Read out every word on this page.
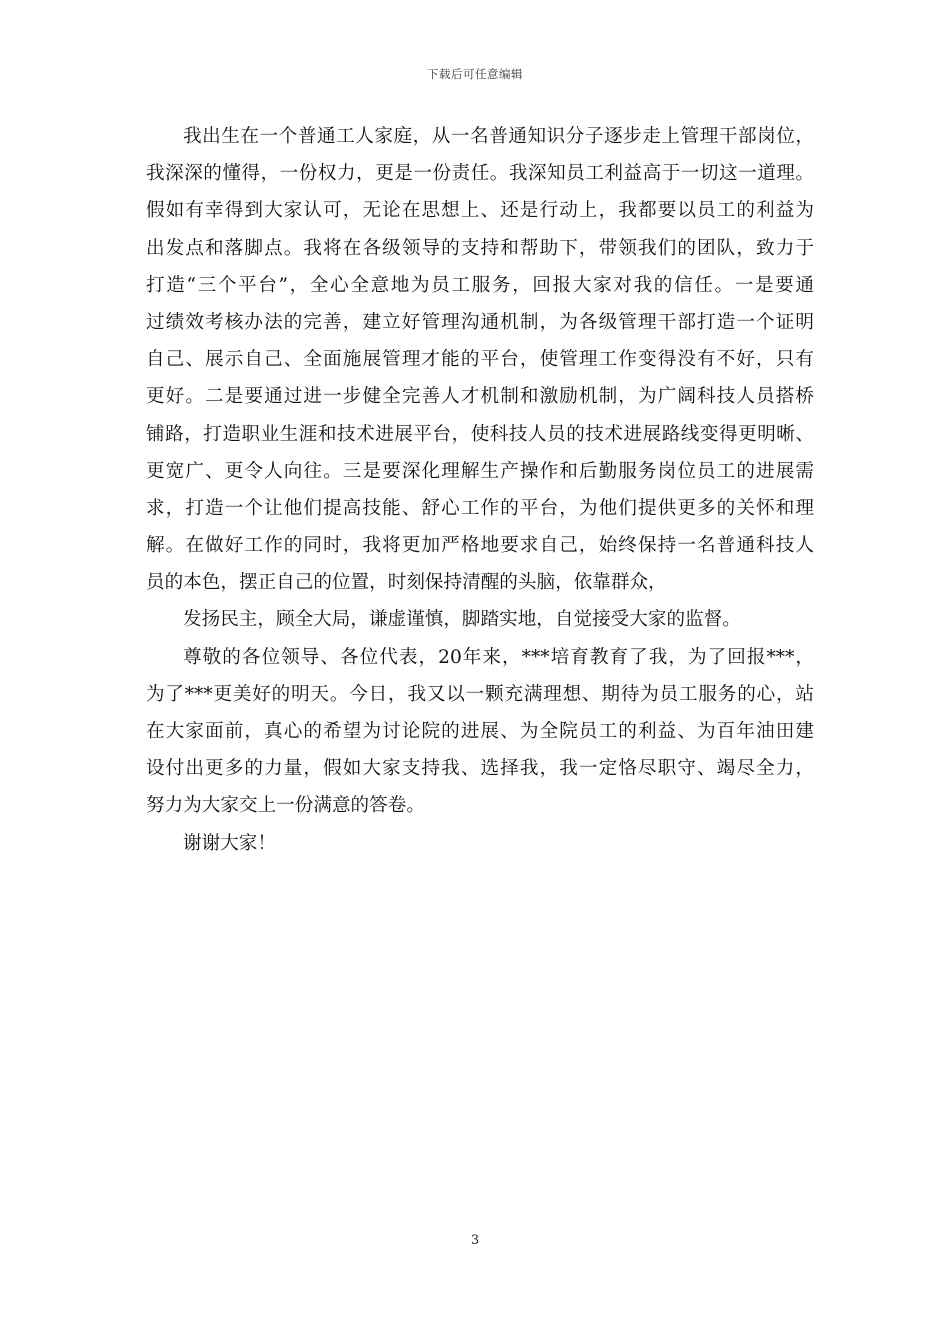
下载后可任意编辑
我出生在一个普通工人家庭，从一名普通知识分子逐步走上管理干部岗位，
我深深的懂得，一份权力，更是一份责任。我深知员工利益高于一切这一道理。
假如有幸得到大家认可，无论在思想上、还是行动上，我都要以员工的利益为
出发点和落脚点。我将在各级领导的支持和帮助下，带领我们的团队，致力于
打造“三个平台”，全心全意地为员工服务，回报大家对我的信任。一是要通
过绩效考核办法的完善，建立好管理沟通机制，为各级管理干部打造一个证明
自己、展示自己、全面施展管理才能的平台，使管理工作变得没有不好，只有
更好。二是要通过进一步健全完善人才机制和激励机制，为广阔科技人员搭桥
铺路，打造职业生涯和技术进展平台，使科技人员的技术进展路线变得更明晰、
更宽广、更令人向往。三是要深化理解生产操作和后勤服务岗位员工的进展需
求，打造一个让他们提高技能、舒心工作的平台，为他们提供更多的关怀和理
解。在做好工作的同时，我将更加严格地要求自己，始终保持一名普通科技人
员的本色，摆正自己的位置，时刻保持清醒的头脑，依靠群众，
发扬民主，顾全大局，谦虚谨慎，脚踏实地，自觉接受大家的监督。
尊敬的各位领导、各位代表，20年来，***培育教育了我，为了回报***，
为了***更美好的明天。今日，我又以一颗充满理想、期待为员工服务的心，站
在大家面前，真心的希望为讨论院的进展、为全院员工的利益、为百年油田建
设付出更多的力量，假如大家支持我、选择我，我一定恪尽职守、竭尽全力，
努力为大家交上一份满意的答卷。
谢谢大家！
3
